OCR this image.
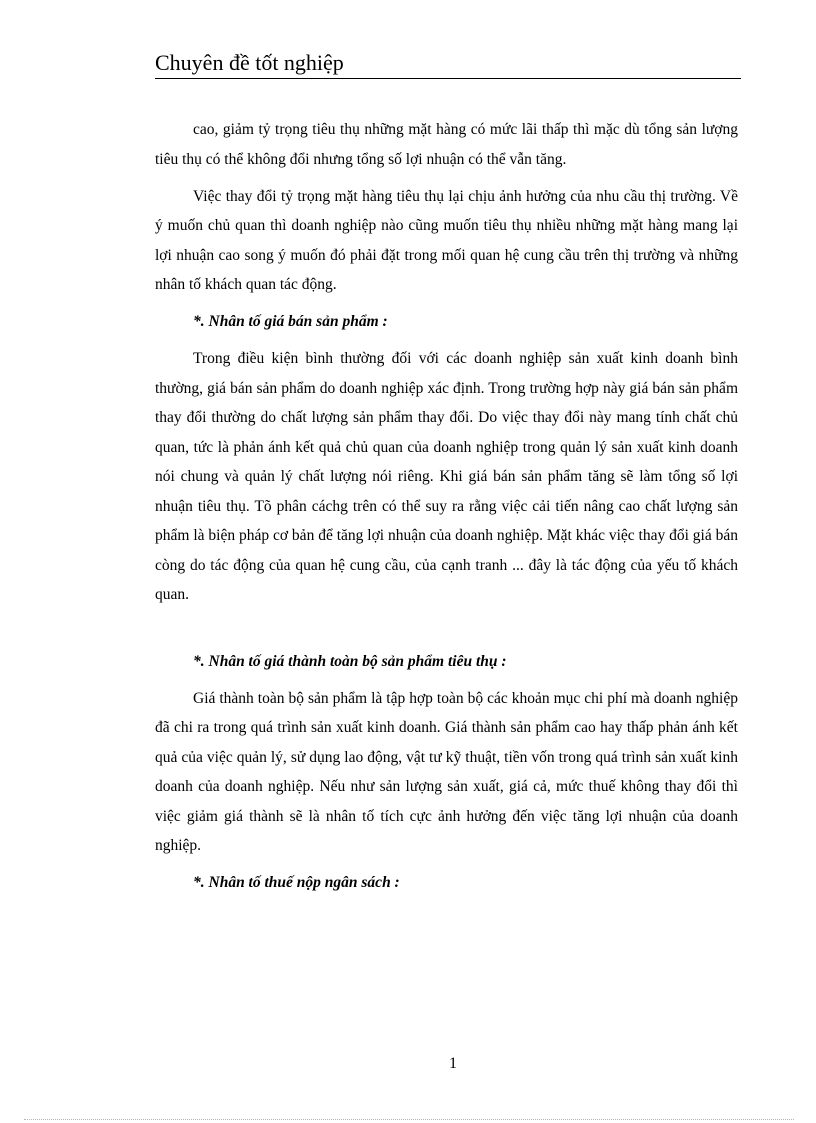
Chuyên đề tốt nghiệp

cao, giảm tỷ trọng tiêu thụ những mặt hàng có mức lãi thấp thì mặc dù tổng sản lượng tiêu thụ có thể không đổi nhưng tổng số lợi nhuận có thể vẫn tăng.

Việc thay đổi tỷ trọng mặt hàng tiêu thụ lại chịu ảnh hưởng của nhu cầu thị trường. Về ý muốn chủ quan thì doanh nghiệp nào cũng muốn tiêu thụ nhiều những mặt hàng mang lại lợi nhuận cao song ý muốn đó phải đặt trong mối quan hệ cung cầu trên thị trường và những nhân tố khách quan tác động.

*. Nhân tố giá bán sản phẩm :

Trong điều kiện bình thường đối với các doanh nghiệp sản xuất kinh doanh bình thường, giá bán sản phẩm do doanh nghiệp xác định. Trong trường hợp này giá bán sản phẩm thay đổi thường do chất lượng sản phẩm thay đổi. Do việc thay đổi này mang tính chất chủ quan, tức là phản ánh kết quả chủ quan của doanh nghiệp trong quản lý sản xuất kinh doanh nói chung và quản lý chất lượng nói riêng. Khi giá bán sản phẩm tăng sẽ làm tổng số lợi nhuận tiêu thụ. Tõ phân cáchg trên có thể suy ra rằng việc cải tiến nâng cao chất lượng sản phẩm là biện pháp cơ bản để tăng lợi nhuận của doanh nghiệp. Mặt khác việc thay đổi giá bán còng do tác động của quan hệ cung cầu, của cạnh tranh ... đây là tác động của yếu tố khách quan.

*. Nhân tố giá thành toàn bộ sản phẩm tiêu thụ :

Giá thành toàn bộ sản phẩm là tập hợp toàn bộ các khoản mục chi phí mà doanh nghiệp đã chi ra trong quá trình sản xuất kinh doanh. Giá thành sản phẩm cao hay thấp phản ánh kết quả của việc quản lý, sử dụng lao động, vật tư kỹ thuật, tiền vốn trong quá trình sản xuất kinh doanh của doanh nghiệp. Nếu như sản lượng sản xuất, giá cả, mức thuế không thay đổi thì việc giảm giá thành sẽ là nhân tố tích cực ảnh hưởng đến việc tăng lợi nhuận của doanh nghiệp.

*. Nhân tố thuế nộp ngân sách :

1
